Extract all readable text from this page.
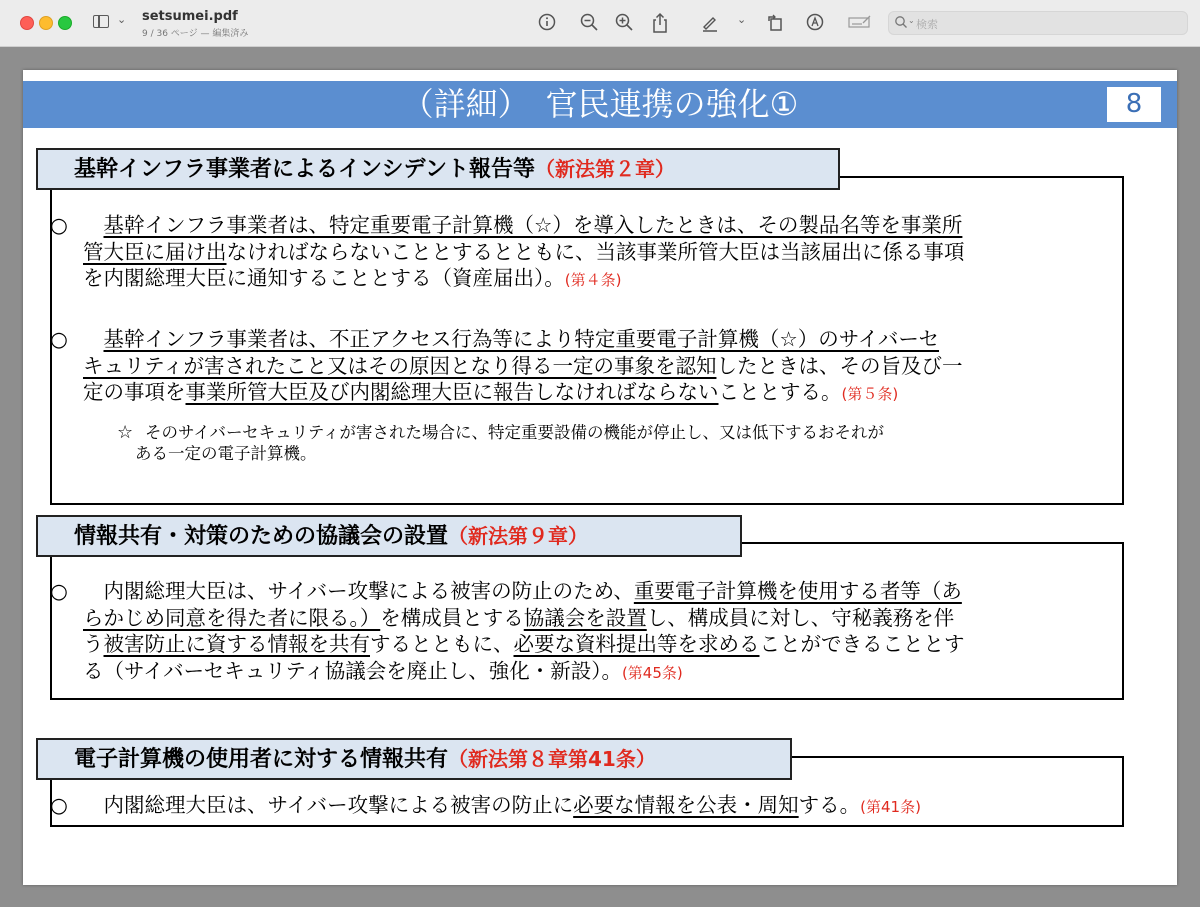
⌄ setsumei.pdf
9 / 36 ページ — 編集済み
⌄	⌄ 検索
（詳細）　官民連携の強化①	8
基幹インフラ事業者によるインシデント報告等（新法第２章）
○
　	基幹インフラ事業者は、特定重要電子計算機（☆）を導入したときは、その製品名等を事業所
管大臣に届け出なければならないこととするとともに、当該事業所管大臣は当該届出に係る事項
を内閣総理大臣に通知することとする（資産届出）。(第４条)
○
　	基幹インフラ事業者は、不正アクセス行為等により特定重要電子計算機（☆）のサイバーセ
キュリティが害されたこと又はその原因となり得る一定の事象を認知したときは、その旨及び一
定の事項を事業所管大臣及び内閣総理大臣に報告しなければならないこととする。(第５条)
☆ そのサイバーセキュリティが害された場合に、特定重要設備の機能が停止し、又は低下するおそれが
ある一定の電子計算機。
情報共有・対策のための協議会の設置（新法第９章）
○ 　内閣総理大臣は、サイバー攻撃による被害の防止のため、重要電子計算機を使用する者等（あ
らかじめ同意を得た者に限る。）を構成員とする協議会を設置し、構成員に対し、守秘義務を伴
う被害防止に資する情報を共有するとともに、必要な資料提出等を求めることができることとす
る（サイバーセキュリティ協議会を廃止し、強化・新設）。(第45条)
電子計算機の使用者に対する情報共有（新法第８章第41条）
○ 　内閣総理大臣は、サイバー攻撃による被害の防止に必要な情報を公表・周知する。(第41条)
